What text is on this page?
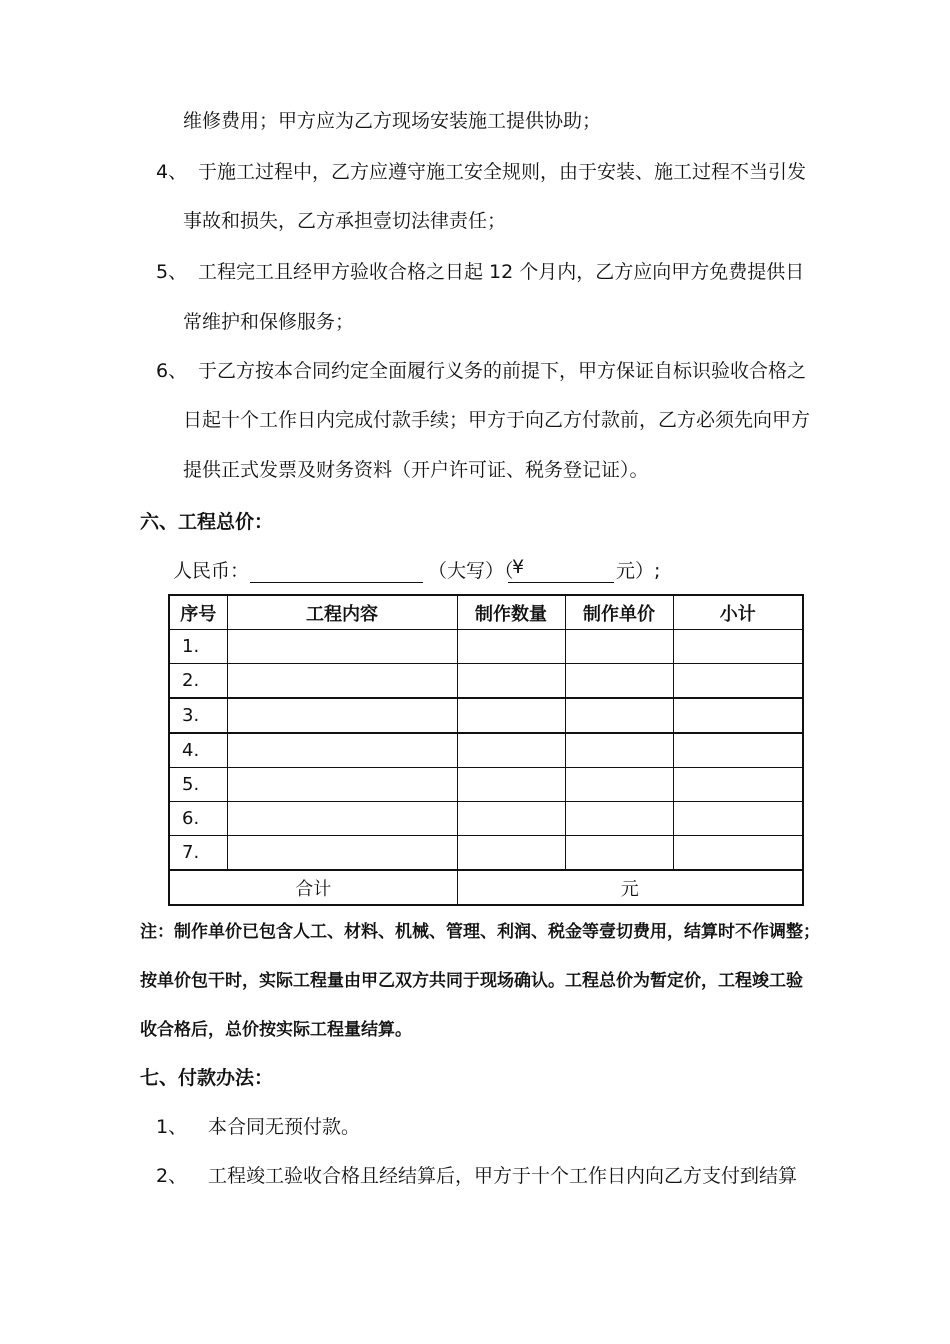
维修费用；甲方应为乙方现场安装施工提供协助；
4、 于施工过程中，乙方应遵守施工安全规则，由于安装、施工过程不当引发
事故和损失，乙方承担壹切法律责任；
5、 工程完工且经甲方验收合格之日起 12 个月内，乙方应向甲方免费提供日
常维护和保修服务；
6、 于乙方按本合同约定全面履行义务的前提下，甲方保证自标识验收合格之
日起十个工作日内完成付款手续；甲方于向乙方付款前，乙方必须先向甲方
提供正式发票及财务资料（开户许可证、税务登记证）。
六、工程总价：
人民币：	（大写）（
¥	元）;
序号	工程内容	制作数量	制作单价	小计
1.				
2.				
3.				
4.				
5.				
6.				
7.				
合计		元		
注：制作单价已包含人工、材料、机械、管理、利润、税金等壹切费用，结算时不作调整；
按单价包干时，实际工程量由甲乙双方共同于现场确认。工程总价为暂定价，工程竣工验
收合格后，总价按实际工程量结算。
七、付款办法：
1、 本合同无预付款。
2、 工程竣工验收合格且经结算后，甲方于十个工作日内向乙方支付到结算
